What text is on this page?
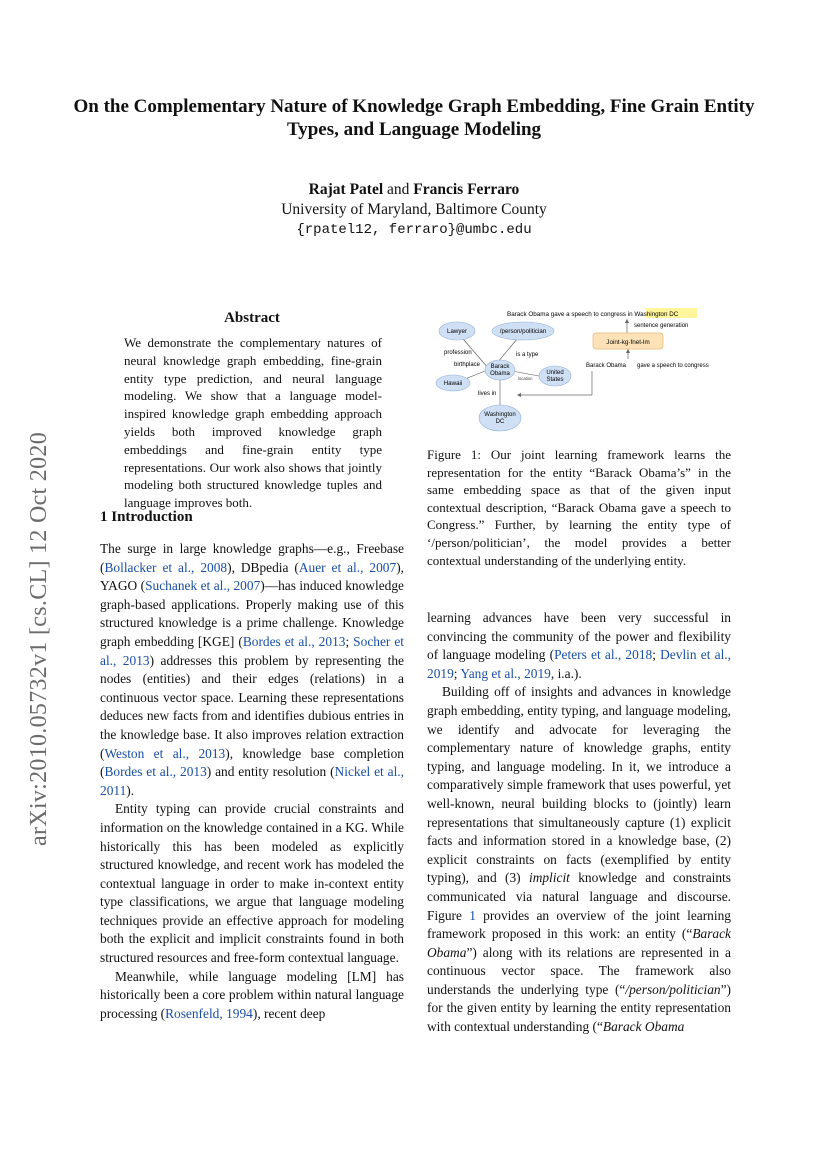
On the Complementary Nature of Knowledge Graph Embedding, Fine Grain Entity Types, and Language Modeling
Rajat Patel and Francis Ferraro
University of Maryland, Baltimore County
{rpatel12, ferraro}@umbc.edu
arXiv:2010.05732v1 [cs.CL] 12 Oct 2020
Abstract
We demonstrate the complementary natures of neural knowledge graph embedding, fine-grain entity type prediction, and neural language modeling. We show that a language model-inspired knowledge graph embedding approach yields both improved knowledge graph embeddings and fine-grain entity type representations. Our work also shows that jointly modeling both structured knowledge tuples and language improves both.
1 Introduction

The surge in large knowledge graphs—e.g., Freebase (Bollacker et al., 2008), DBpedia (Auer et al., 2007), YAGO (Suchanek et al., 2007)—has induced knowledge graph-based applications. Properly making use of this structured knowledge is a prime challenge. Knowledge graph embedding [KGE] (Bordes et al., 2013; Socher et al., 2013) addresses this problem by representing the nodes (entities) and their edges (relations) in a continuous vector space. Learning these representations deduces new facts from and identifies dubious entries in the knowledge base. It also improves relation extraction (Weston et al., 2013), knowledge base completion (Bordes et al., 2013) and entity resolution (Nickel et al., 2011).

Entity typing can provide crucial constraints and information on the knowledge contained in a KG. While historically this has been modeled as explicitly structured knowledge, and recent work has modeled the contextual language in order to make in-context entity type classifications, we argue that language modeling techniques provide an effective approach for modeling both the explicit and implicit constraints found in both structured resources and free-form contextual language.

Meanwhile, while language modeling [LM] has historically been a core problem within natural language processing (Rosenfeld, 1994), recent deep

Barack Obama gave a speech to congress in Washington DC
sentence generation
Joint-kg-fnet-lm
Barack Obama gave a speech to congress
Lawyer	/person/politician
Barack
Obama
Hawaii
United
States
Washington
DC
profession	is a type
birthplace
location
lives in
Figure 1: Our joint learning framework learns the representation for the entity “Barack Obama’s” in the same embedding space as that of the given input contextual description, “Barack Obama gave a speech to Congress.” Further, by learning the entity type of ‘/person/politician’, the model provides a better contextual understanding of the underlying entity.

learning advances have been very successful in convincing the community of the power and flexibility of language modeling (Peters et al., 2018; Devlin et al., 2019; Yang et al., 2019, i.a.).

Building off of insights and advances in knowledge graph embedding, entity typing, and language modeling, we identify and advocate for leveraging the complementary nature of knowledge graphs, entity typing, and language modeling. In it, we introduce a comparatively simple framework that uses powerful, yet well-known, neural building blocks to (jointly) learn representations that simultaneously capture (1) explicit facts and information stored in a knowledge base, (2) explicit constraints on facts (exemplified by entity typing), and (3) implicit knowledge and constraints communicated via natural language and discourse. Figure 1 provides an overview of the joint learning framework proposed in this work: an entity (“Barack Obama”) along with its relations are represented in a continuous vector space. The framework also understands the underlying type (“/person/politician”) for the given entity by learning the entity representation with contextual understanding (“Barack Obama
